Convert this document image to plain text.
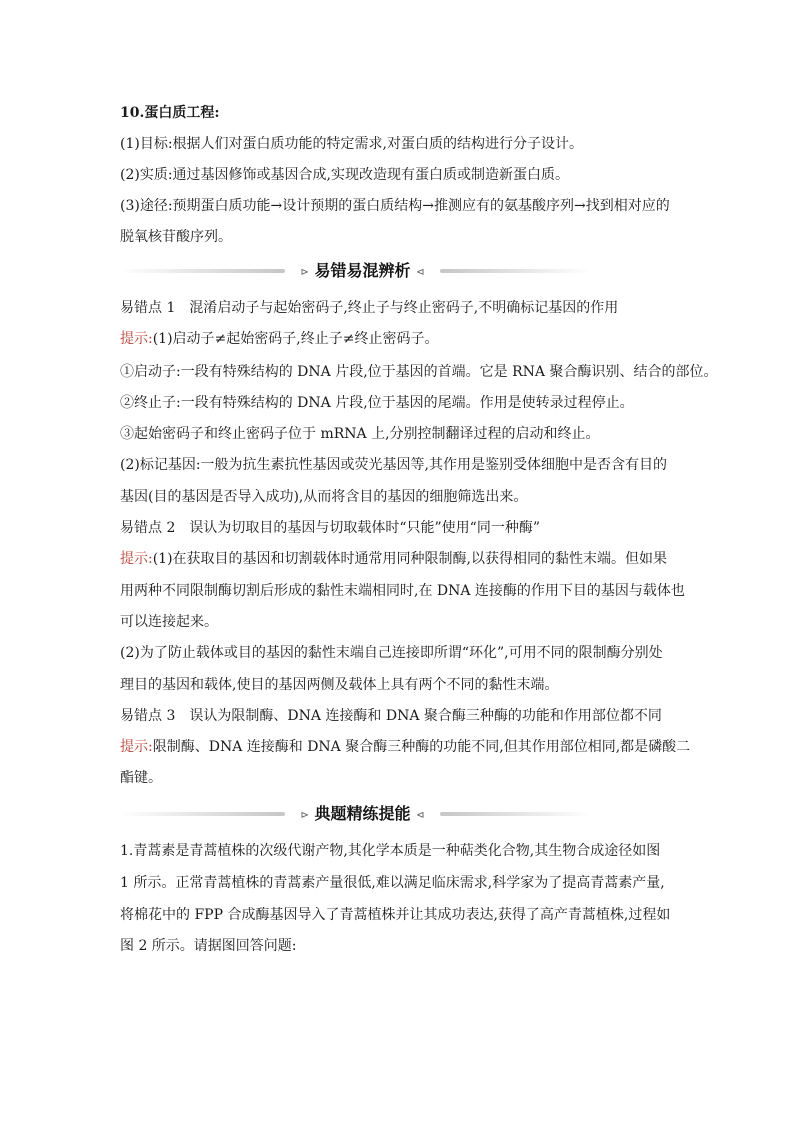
10.蛋白质工程:
(1)目标:根据人们对蛋白质功能的特定需求,对蛋白质的结构进行分子设计。
(2)实质:通过基因修饰或基因合成,实现改造现有蛋白质或制造新蛋白质。
(3)途径:预期蛋白质功能→设计预期的蛋白质结构→推测应有的氨基酸序列→找到相对应的
脱氧核苷酸序列。
⊳ 易错易混辨析 ⊲
易错点 1　混淆启动子与起始密码子,终止子与终止密码子,不明确标记基因的作用
提示:(1)启动子≠起始密码子,终止子≠终止密码子。
①启动子:一段有特殊结构的 DNA 片段,位于基因的首端。它是 RNA 聚合酶识别、结合的部位。
②终止子:一段有特殊结构的 DNA 片段,位于基因的尾端。作用是使转录过程停止。
③起始密码子和终止密码子位于 mRNA 上,分别控制翻译过程的启动和终止。
(2)标记基因:一般为抗生素抗性基因或荧光基因等,其作用是鉴别受体细胞中是否含有目的
基因(目的基因是否导入成功),从而将含目的基因的细胞筛选出来。
易错点 2　误认为切取目的基因与切取载体时“只能”使用“同一种酶”
提示:(1)在获取目的基因和切割载体时通常用同种限制酶,以获得相同的黏性末端。但如果
用两种不同限制酶切割后形成的黏性末端相同时,在 DNA 连接酶的作用下目的基因与载体也
可以连接起来。
(2)为了防止载体或目的基因的黏性末端自己连接即所谓“环化”,可用不同的限制酶分别处
理目的基因和载体,使目的基因两侧及载体上具有两个不同的黏性末端。
易错点 3　误认为限制酶、DNA 连接酶和 DNA 聚合酶三种酶的功能和作用部位都不同
提示:限制酶、DNA 连接酶和 DNA 聚合酶三种酶的功能不同,但其作用部位相同,都是磷酸二
酯键。
⊳ 典题精练提能 ⊲
1.青蒿素是青蒿植株的次级代谢产物,其化学本质是一种萜类化合物,其生物合成途径如图
1 所示。正常青蒿植株的青蒿素产量很低,难以满足临床需求,科学家为了提高青蒿素产量,
将棉花中的 FPP 合成酶基因导入了青蒿植株并让其成功表达,获得了高产青蒿植株,过程如
图 2 所示。请据图回答问题:
